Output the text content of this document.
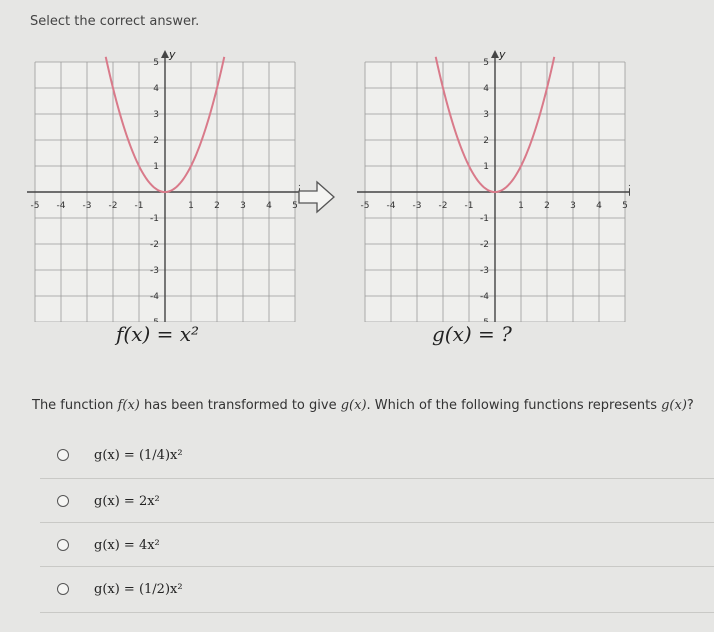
Select the correct answer.
y
-5 -4 -3 -2 -1	1 2 3 4 5
5
4
3
2
1
-1
-2
-3
-4
f(x) = x²
y
-5 -4 -3 -2 -1	1 2 3 4 5
5
4
3
2
1
-1
-2
-3
-4
g(x) = ?
The function f(x) has been transformed to give g(x). Which of the following functions represents g(x)?
g(x) = (1/4)x²
g(x) = 2x²
g(x) = 4x²
g(x) = (1/2)x²
